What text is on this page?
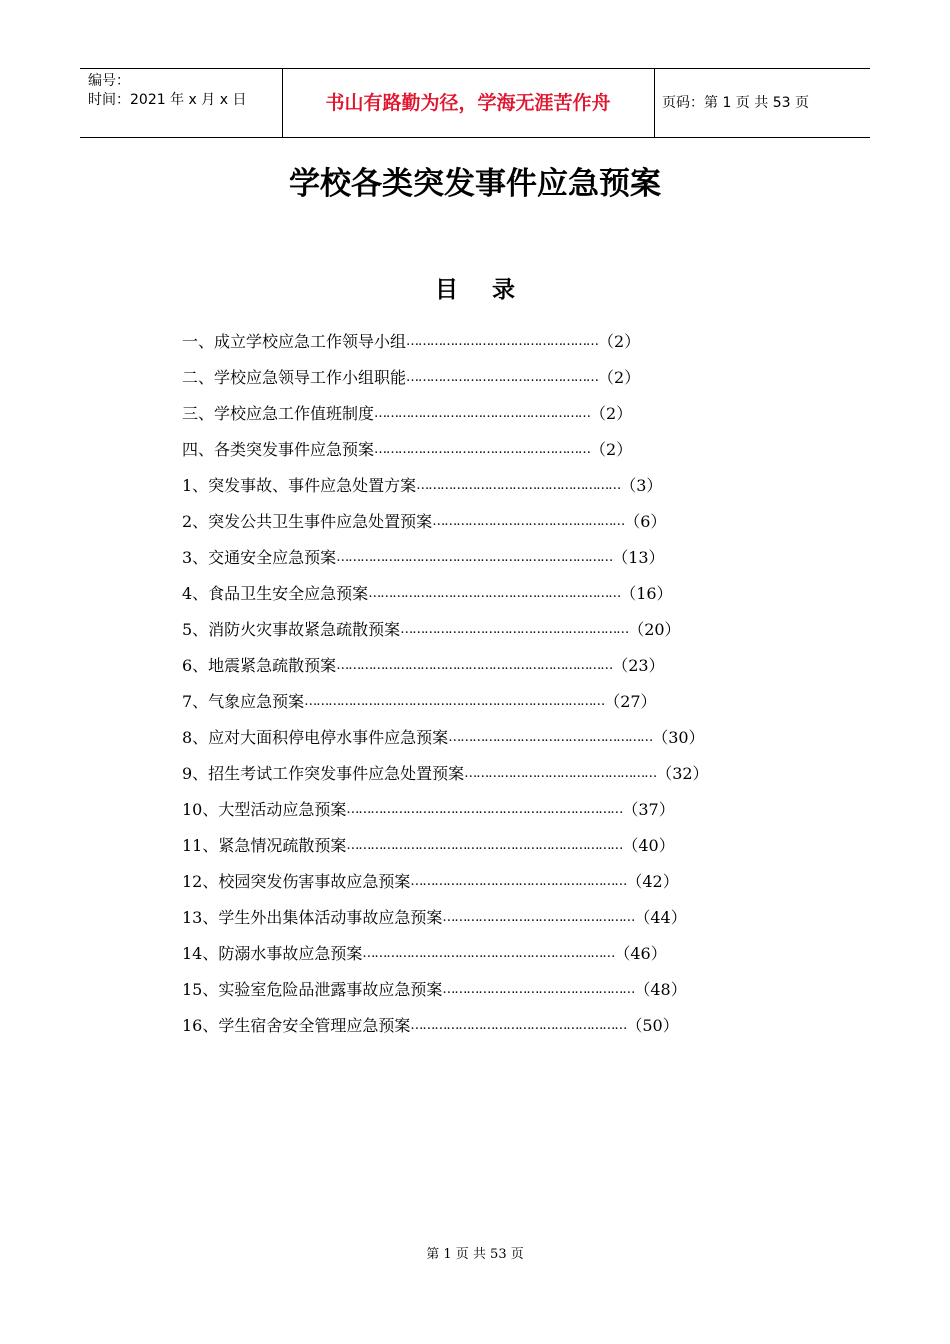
编号：
时间：2021 年 x 月 x 日	书山有路勤为径，学海无涯苦作舟	页码：第 1 页 共 53 页
学校各类突发事件应急预案
目录
一、成立学校应急工作领导小组 ………………………………………… （2）
二、学校应急领导工作小组职能 ………………………………………… （2）
三、学校应急工作值班制度 ……………………………………………… （2）
四、各类突发事件应急预案 ……………………………………………… （2）
1、突发事故、事件应急处置方案 …………………………………………… （3）
2、突发公共卫生事件应急处置预案 ………………………………………… （6）
3、交通安全应急预案 …………………………………………………………… （13）
4、食品卫生安全应急预案 ……………………………………………………… （16）
5、消防火灾事故紧急疏散预案 ………………………………………………… （20）
6、地震紧急疏散预案 …………………………………………………………… （23）
7、气象应急预案 ………………………………………………………………… （27）
8、应对大面积停电停水事件应急预案 …………………………………………… （30）
9、招生考试工作突发事件应急处置预案 ………………………………………… （32）
10、大型活动应急预案 …………………………………………………………… （37）
11、紧急情况疏散预案 …………………………………………………………… （40）
12、校园突发伤害事故应急预案 ……………………………………………… （42）
13、学生外出集体活动事故应急预案 ………………………………………… （44）
14、防溺水事故应急预案 ……………………………………………………… （46）
15、实验室危险品泄露事故应急预案 ………………………………………… （48）
16、学生宿舍安全管理应急预案 ……………………………………………… （50）
第 1 页 共 53 页
